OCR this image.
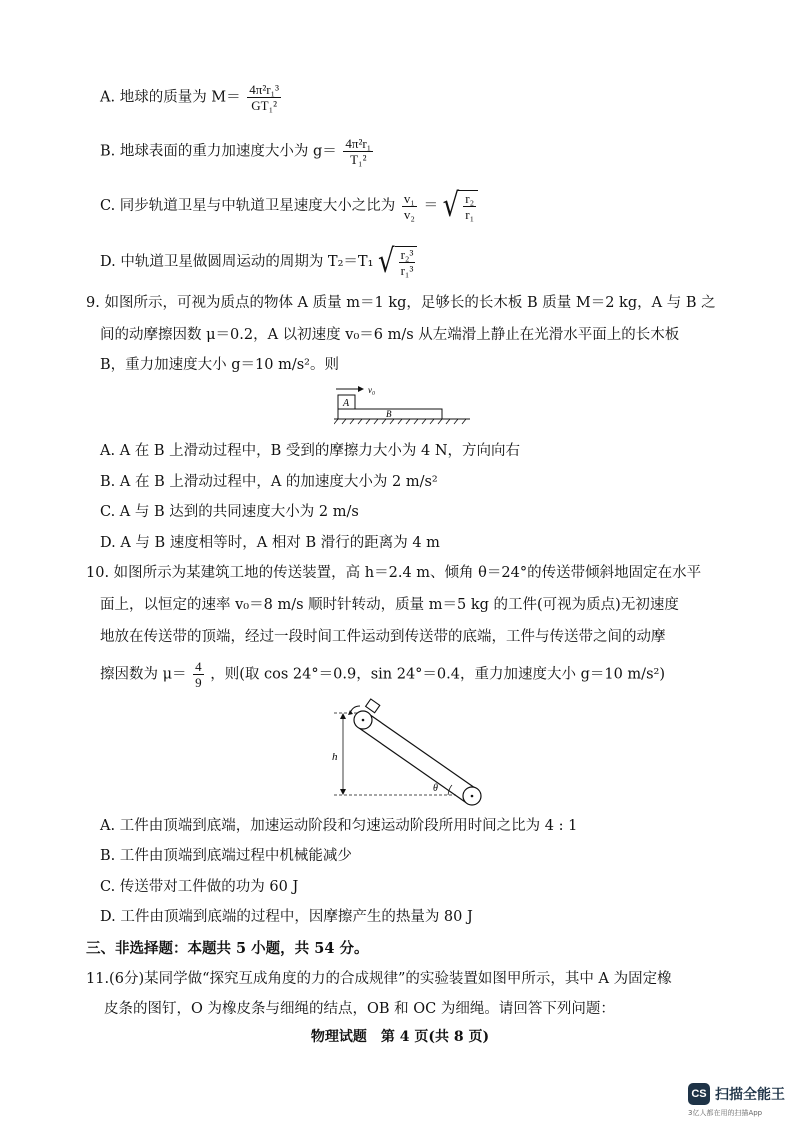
A. 地球的质量为 $M= \frac{\text{4π²r₁³}}{\text{GT₁²}}$
B. 地球表面的重力加速度大小为 $g= \frac{\text{4π²r₁}}{\text{T₁²}}$
C. 同步轨道卫星与中轨道卫星速度大小之比为 $\frac{\text{v₁}}{\text{v₂}}$ ＝ √ $\frac{\text{r₂}}{\text{r₁}}$
D. 中轨道卫星做圆周运动的周期为 T₂＝T₁ √ $\frac{\text{r₂³}}{\text{r₁³}}$
9. 如图所示，可视为质点的物体 A 质量 m＝1 kg，足够长的长木板 B 质量 M＝2 kg，A 与 B 之
间的动摩擦因数 μ＝0.2，A 以初速度 v₀＝6 m/s 从左端滑上静止在光滑水平面上的长木板
B，重力加速度大小 g＝10 m/s²。则
v₀
A
B
A. A 在 B 上滑动过程中，B 受到的摩擦力大小为 4 N，方向向右
B. A 在 B 上滑动过程中，A 的加速度大小为 2 m/s²
C. A 与 B 达到的共同速度大小为 2 m/s
D. A 与 B 速度相等时，A 相对 B 滑行的距离为 4 m
10. 如图所示为某建筑工地的传送装置，高 h＝2.4 m、倾角 θ＝24°的传送带倾斜地固定在水平
面上，以恒定的速率 v₀＝8 m/s 顺时针转动，质量 m＝5 kg 的工件(可视为质点)无初速度
地放在传送带的顶端，经过一段时间工件运动到传送带的底端，工件与传送带之间的动摩
擦因数为 $\mu= \frac{4}{9}$ ，则(取 cos 24°＝0.9，sin 24°＝0.4，重力加速度大小 g＝10 m/s²)
h
θ
A. 工件由顶端到底端，加速运动阶段和匀速运动阶段所用时间之比为 4 : 1
B. 工件由顶端到底端过程中机械能减少
C. 传送带对工件做的功为 60 J
D. 工件由顶端到底端的过程中，因摩擦产生的热量为 80 J
三、非选择题：本题共 5 小题，共 54 分。
11.(6分)某同学做“探究互成角度的力的合成规律”的实验装置如图甲所示，其中 A 为固定橡
皮条的图钉，O 为橡皮条与细绳的结点，OB 和 OC 为细绳。请回答下列问题：
物理试题　第 4 页(共 8 页)
CS 扫描全能王
3亿人都在用的扫描App
